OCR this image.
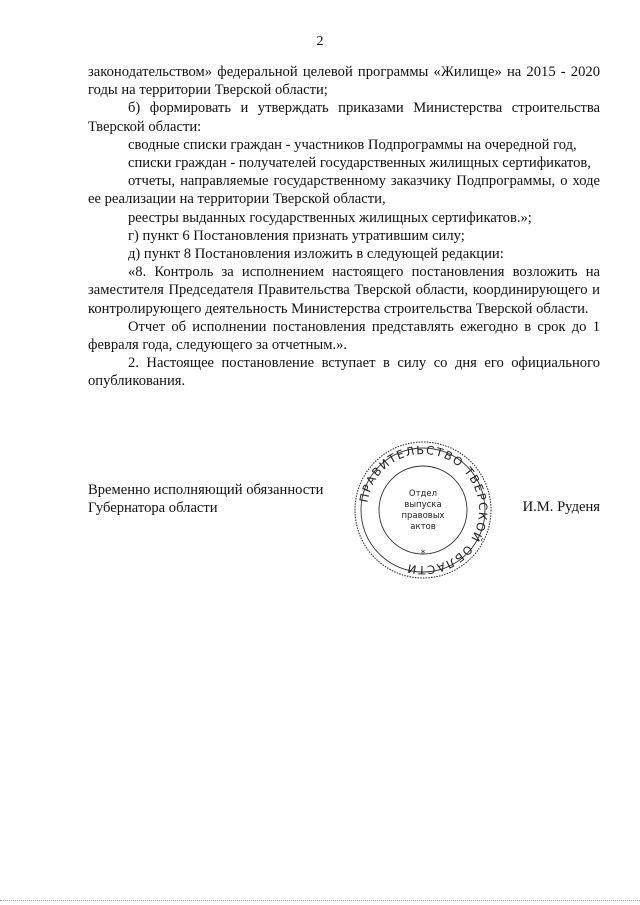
2

законодательством» федеральной целевой программы «Жилище» на 2015 - 2020 годы на территории Тверской области;

б) формировать и утверждать приказами Министерства строительства Тверской области:

сводные списки граждан - участников Подпрограммы на очередной год,

списки граждан - получателей государственных жилищных сертификатов,

отчеты, направляемые государственному заказчику Подпрограммы, о ходе ее реализации на территории Тверской области,

реестры выданных государственных жилищных сертификатов.»;

г) пункт 6 Постановления признать утратившим силу;

д) пункт 8 Постановления изложить в следующей редакции:

«8. Контроль за исполнением настоящего постановления возложить на заместителя Председателя Правительства Тверской области, координирующего и контролирующего деятельность Министерства строительства Тверской области.

Отчет об исполнении постановления представлять ежегодно в срок до 1 февраля года, следующего за отчетным.».

2. Настоящее постановление вступает в силу со дня его официального опубликования.

Временно исполняющий обязанности
Губернатора области	И.М. Руденя
ПРАВИТЕЛЬСТВО ТВЕРСКОЙ ОБЛАСТИ
Отдел
выпуска
правовых
актов
*
